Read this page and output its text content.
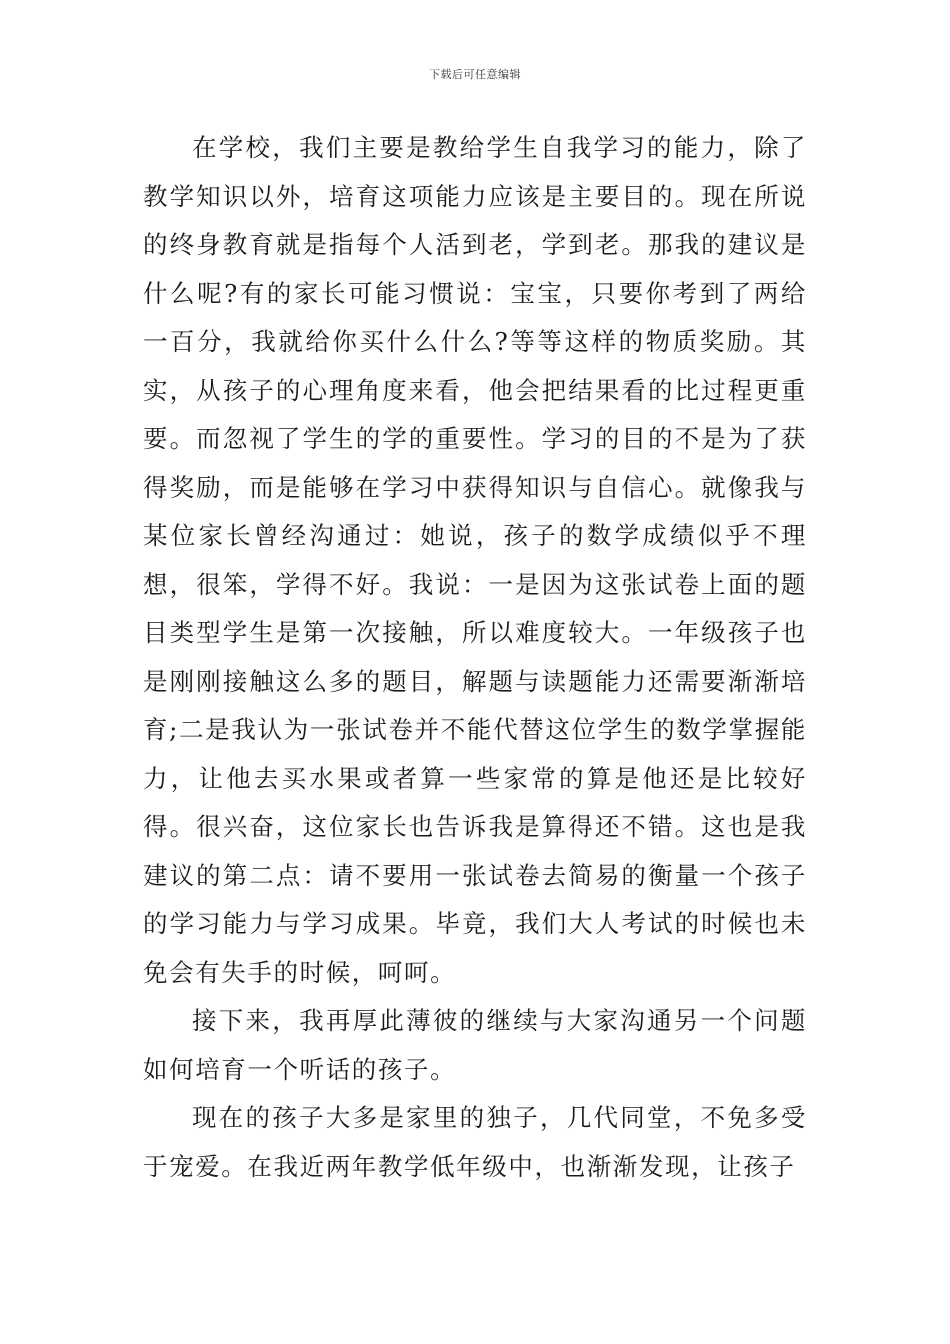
下载后可任意编辑

在学校，我们主要是教给学生自我学习的能力，除了教学知识以外，培育这项能力应该是主要目的。现在所说的终身教育就是指每个人活到老，学到老。那我的建议是什么呢?有的家长可能习惯说：宝宝，只要你考到了两给一百分，我就给你买什么什么?等等这样的物质奖励。其实，从孩子的心理角度来看，他会把结果看的比过程更重要。而忽视了学生的学的重要性。学习的目的不是为了获得奖励，而是能够在学习中获得知识与自信心。就像我与某位家长曾经沟通过：她说，孩子的数学成绩似乎不理想，很笨，学得不好。我说：一是因为这张试卷上面的题目类型学生是第一次接触，所以难度较大。一年级孩子也是刚刚接触这么多的题目，解题与读题能力还需要渐渐培育;二是我认为一张试卷并不能代替这位学生的数学掌握能力，让他去买水果或者算一些家常的算是他还是比较好得。很兴奋，这位家长也告诉我是算得还不错。这也是我建议的第二点：请不要用一张试卷去简易的衡量一个孩子的学习能力与学习成果。毕竟，我们大人考试的时候也未免会有失手的时候，呵呵。

接下来，我再厚此薄彼的继续与大家沟通另一个问题如何培育一个听话的孩子。

现在的孩子大多是家里的独子，几代同堂，不免多受于宠爱。在我近两年教学低年级中，也渐渐发现，让孩子
